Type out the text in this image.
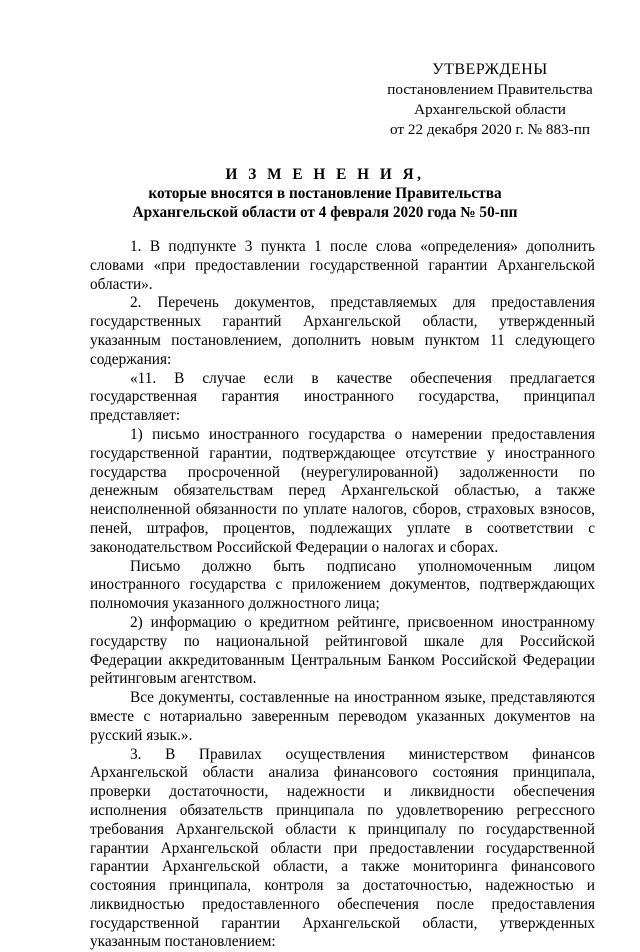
УТВЕРЖДЕНЫ
постановлением Правительства
Архангельской области
от 22 декабря 2020 г. № 883-пп
И З М Е Н Е Н И Я,
которые вносятся в постановление Правительства
Архангельской области от 4 февраля 2020 года № 50-пп

1. В подпункте 3 пункта 1 после слова «определения» дополнить словами «при предоставлении государственной гарантии Архангельской области».

2. Перечень документов, представляемых для предоставления государственных гарантий Архангельской области, утвержденный указанным постановлением, дополнить новым пунктом 11 следующего содержания:

«11. В случае если в качестве обеспечения предлагается государственная гарантия иностранного государства, принципал представляет:

1) письмо иностранного государства о намерении предоставления государственной гарантии, подтверждающее отсутствие у иностранного государства просроченной (неурегулированной) задолженности по денежным обязательствам перед Архангельской областью, а также неисполненной обязанности по уплате налогов, сборов, страховых взносов, пеней, штрафов, процентов, подлежащих уплате в соответствии с законодательством Российской Федерации о налогах и сборах.

Письмо должно быть подписано уполномоченным лицом иностранного государства с приложением документов, подтверждающих полномочия указанного должностного лица;

2) информацию о кредитном рейтинге, присвоенном иностранному государству по национальной рейтинговой шкале для Российской Федерации аккредитованным Центральным Банком Российской Федерации рейтинговым агентством.

Все документы, составленные на иностранном языке, представляются вместе с нотариально заверенным переводом указанных документов на русский язык.».

3. В Правилах осуществления министерством финансов Архангельской области анализа финансового состояния принципала, проверки достаточности, надежности и ликвидности обеспечения исполнения обязательств принципала по удовлетворению регрессного требования Архангельской области к принципалу по государственной гарантии Архангельской области при предоставлении государственной гарантии Архангельской области, а также мониторинга финансового состояния принципала, контроля за достаточностью, надежностью и ликвидностью предоставленного обеспечения после предоставления государственной гарантии Архангельской области, утвержденных указанным постановлением:
